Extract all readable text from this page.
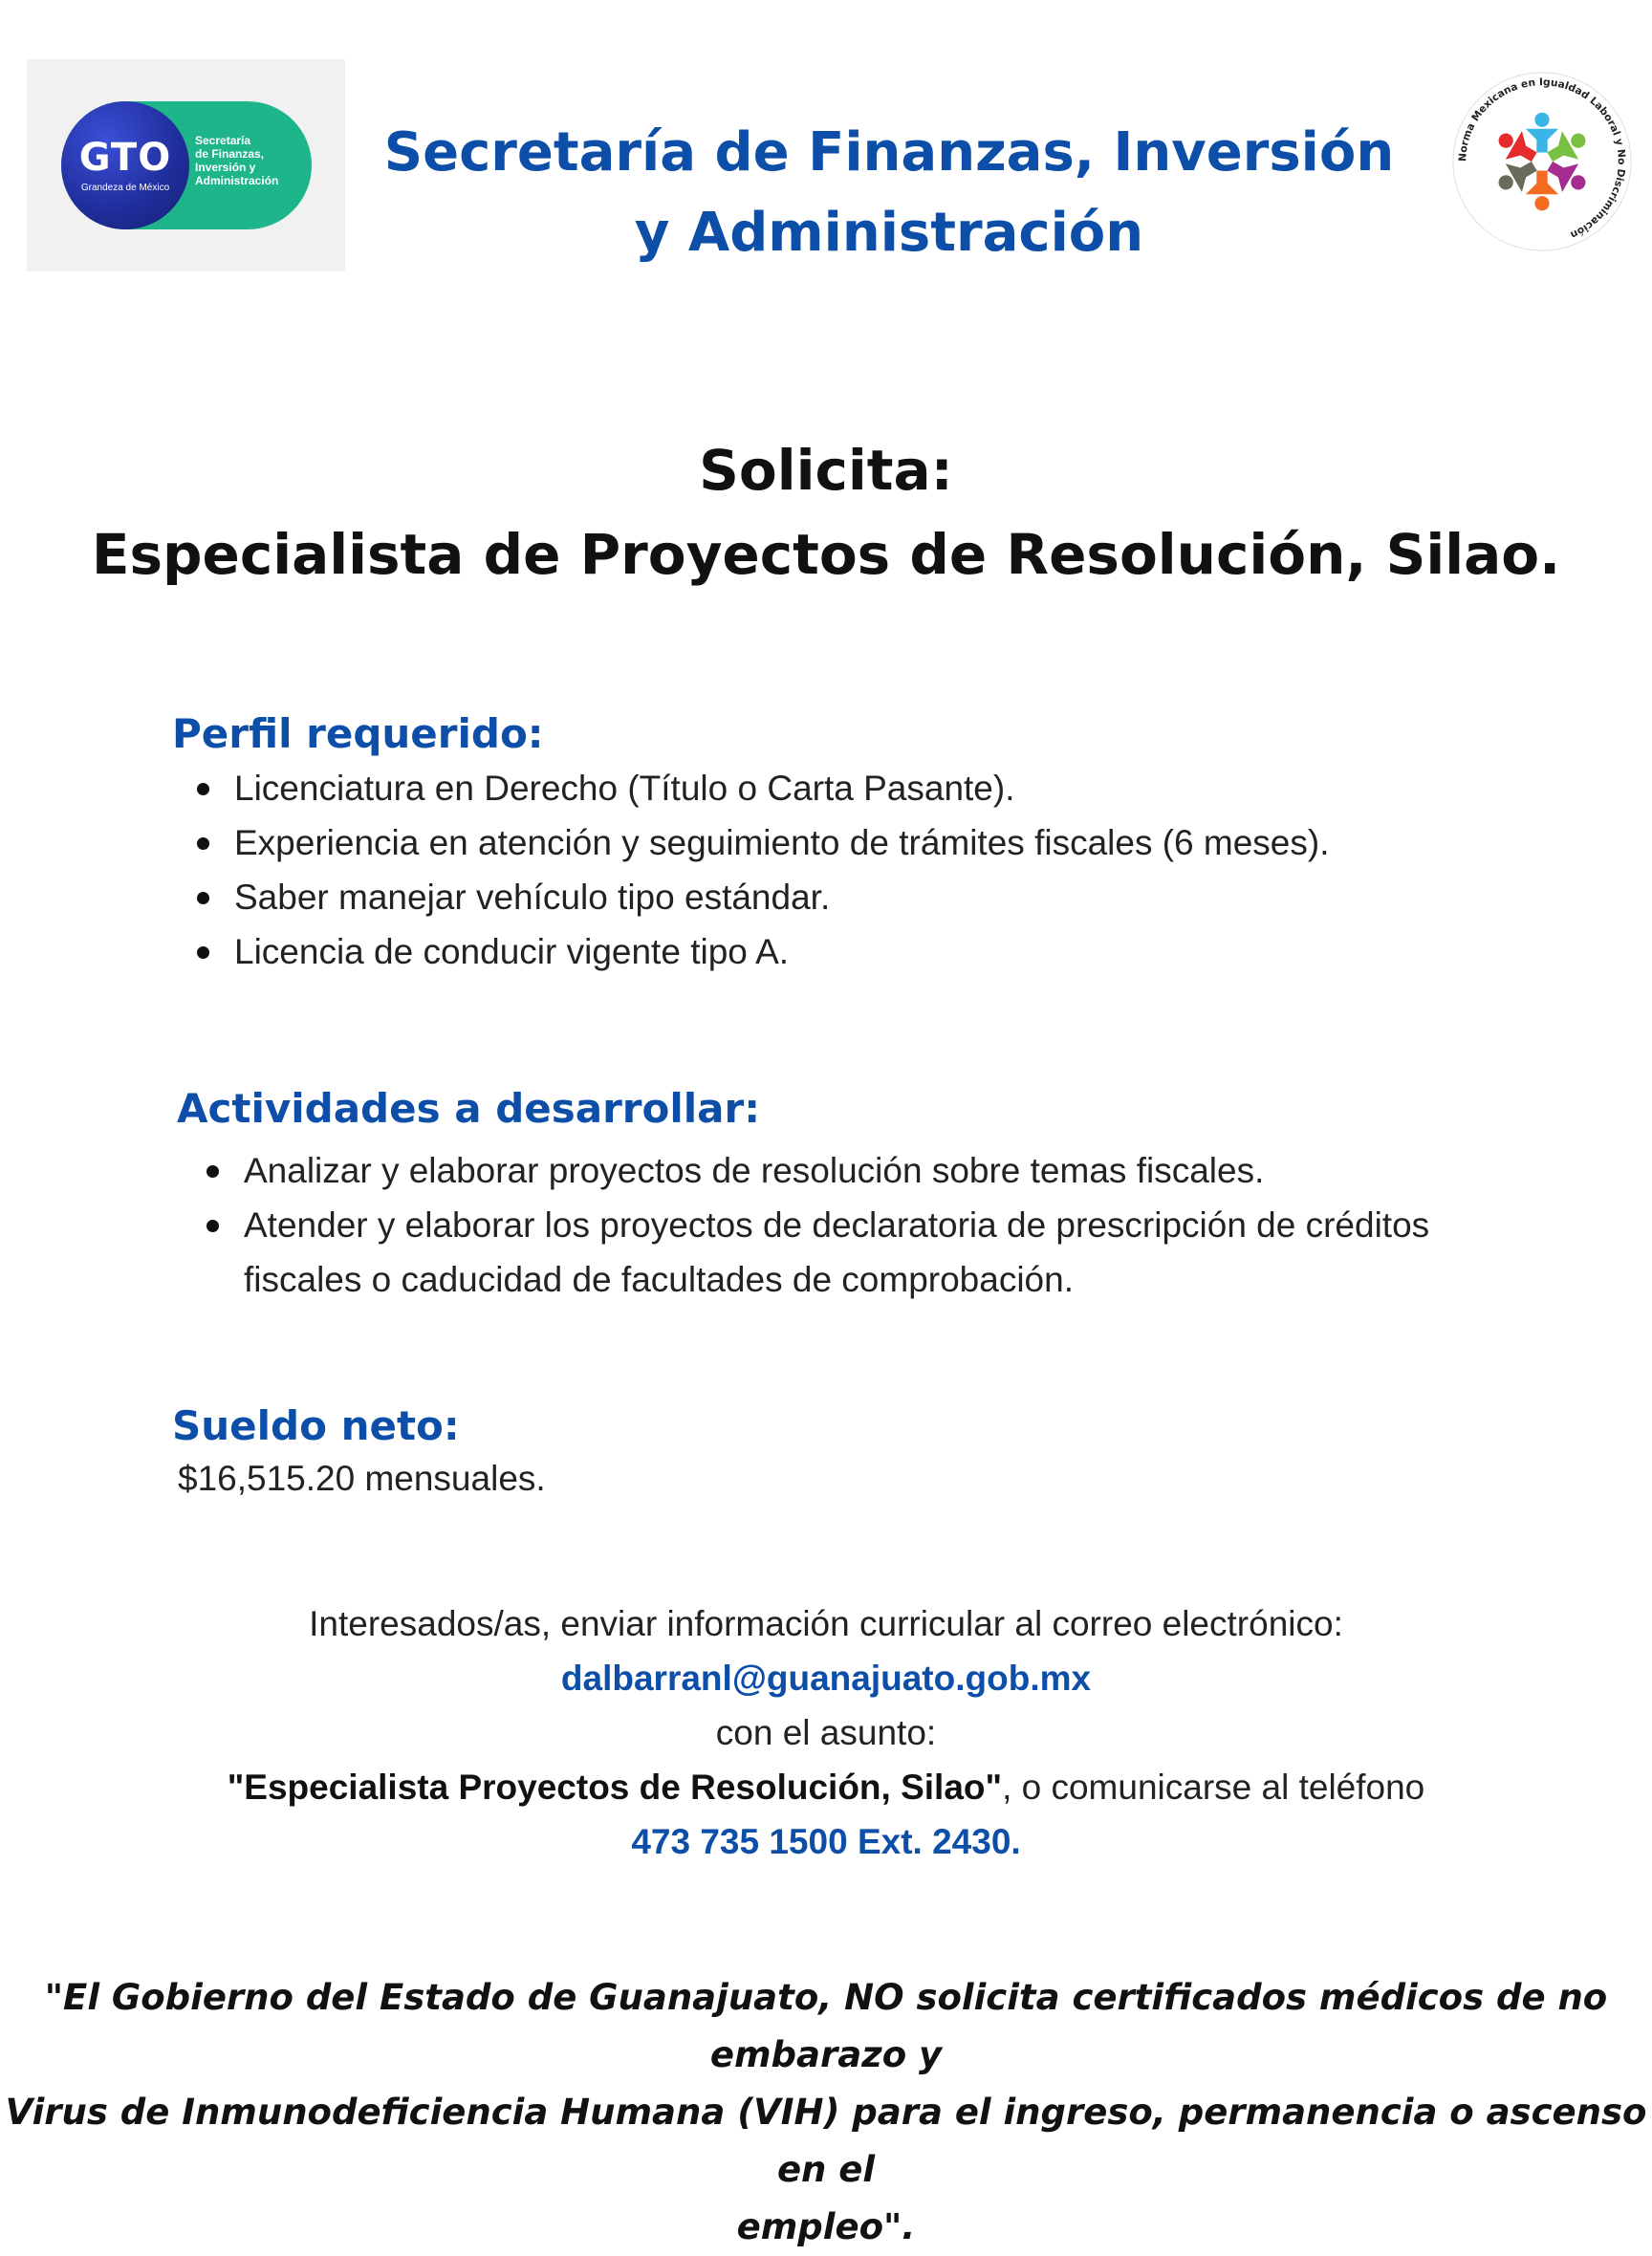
GTO
Grandeza de México
Secretaría
de Finanzas,
Inversión y
Administración	Secretaría de Finanzas, Inversión
y Administración
Norma Mexicana en Igualdad Laboral y No Discriminación
Solicita:
Especialista de Proyectos de Resolución, Silao.
Perfil requerido:
Licenciatura en Derecho (Título o Carta Pasante).
Experiencia en atención y seguimiento de trámites fiscales (6 meses).
Saber manejar vehículo tipo estándar.
Licencia de conducir vigente tipo A.
Actividades a desarrollar:
Analizar y elaborar proyectos de resolución sobre temas fiscales.
Atender y elaborar los proyectos de declaratoria de prescripción de créditos fiscales o caducidad de facultades de comprobación.
Sueldo neto:
$16,515.20 mensuales.
Interesados/as, enviar información curricular al correo electrónico:
dalbarranl@guanajuato.gob.mx
con el asunto:
"Especialista Proyectos de Resolución, Silao", o comunicarse al teléfono
473 735 1500 Ext. 2430.
"El Gobierno del Estado de Guanajuato, NO solicita certificados médicos de no embarazo y
Virus de Inmunodeficiencia Humana (VIH) para el ingreso, permanencia o ascenso en el
empleo".
